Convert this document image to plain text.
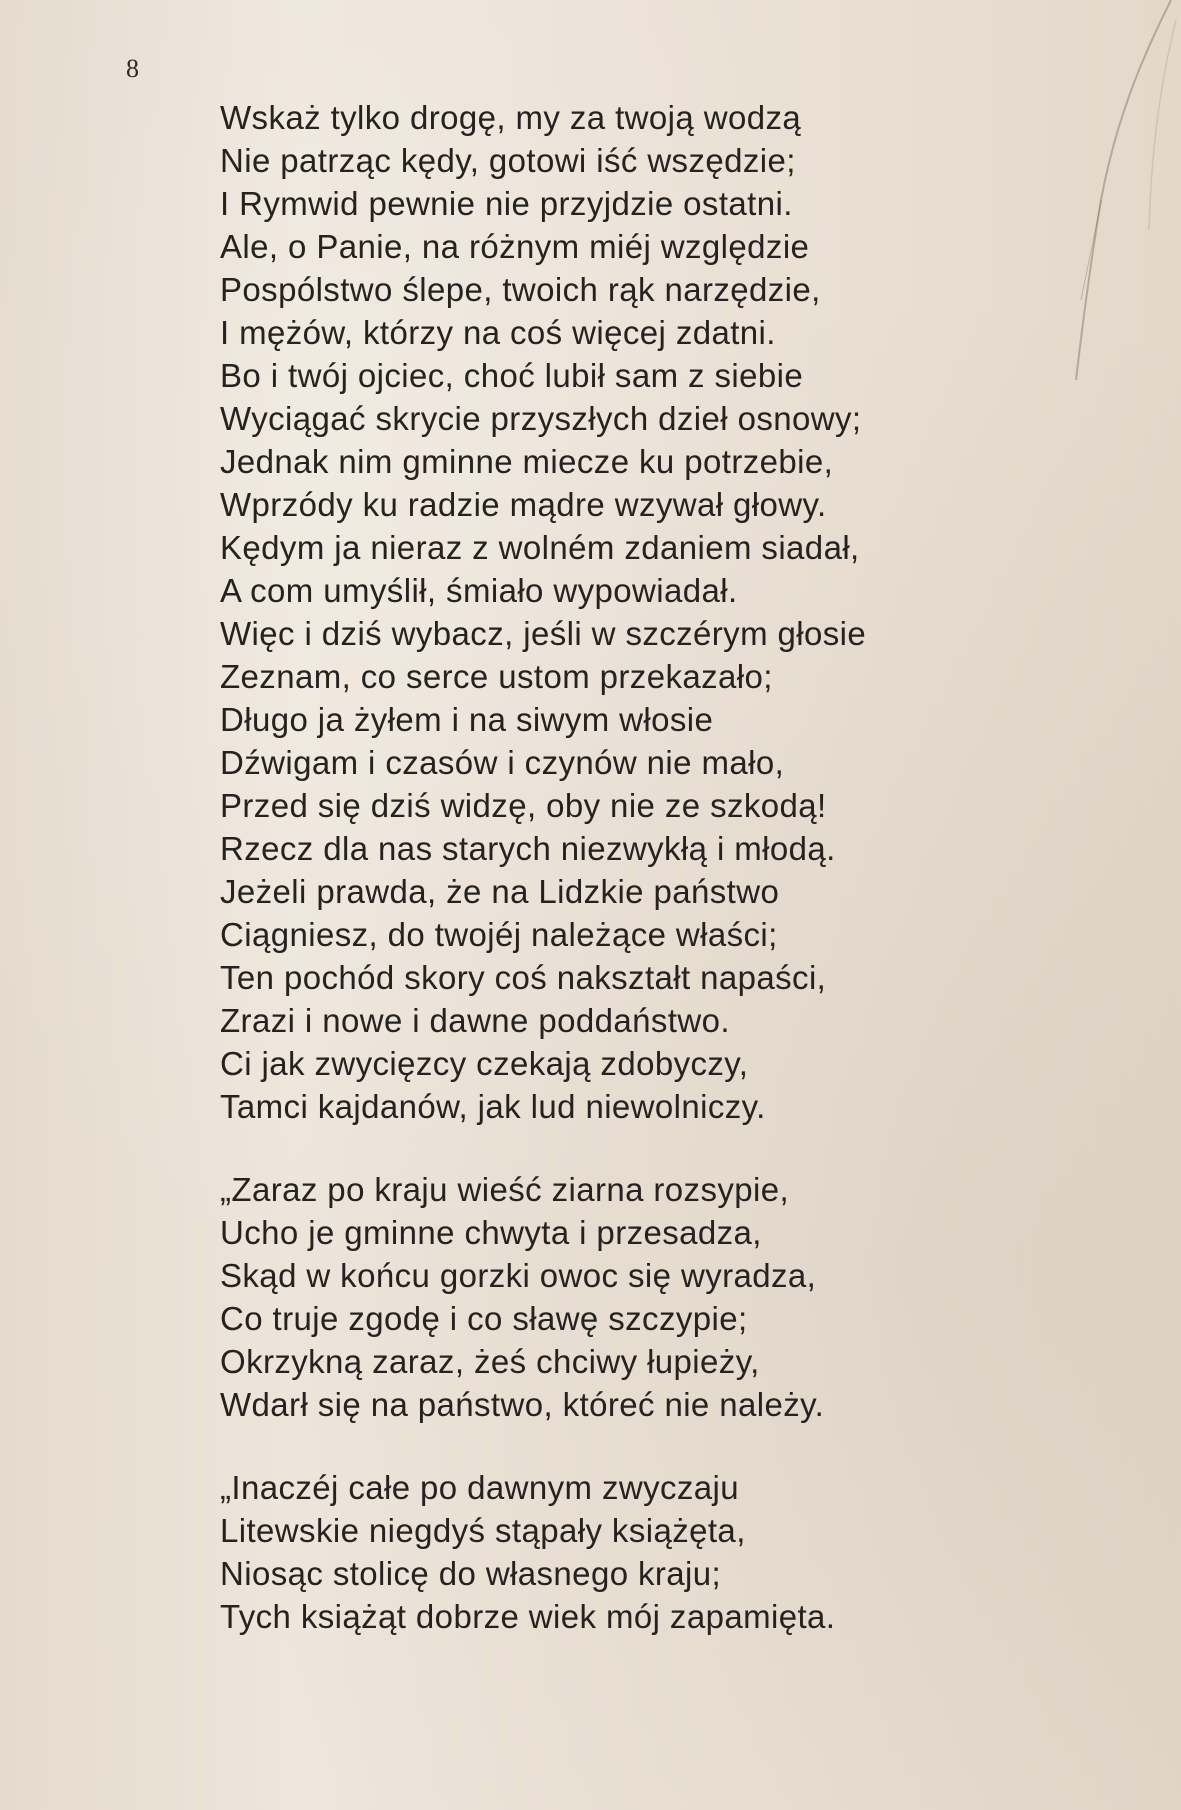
8
Wskaż tylko drogę, my za twoją wodzą
Nie patrząc kędy, gotowi iść wszędzie;
I Rymwid pewnie nie przyjdzie ostatni.
Ale, o Panie, na różnym miéj względzie
Pospólstwo ślepe, twoich rąk narzędzie,
I mężów, którzy na coś więcej zdatni.
Bo i twój ojciec, choć lubił sam z siebie
Wyciągać skrycie przyszłych dzieł osnowy;
Jednak nim gminne miecze ku potrzebie,
Wprzódy ku radzie mądre wzywał głowy.
Kędym ja nieraz z wolném zdaniem siadał,
A com umyślił, śmiało wypowiadał.
Więc i dziś wybacz, jeśli w szczérym głosie
Zeznam, co serce ustom przekazało;
Długo ja żyłem i na siwym włosie
Dźwigam i czasów i czynów nie mało,
Przed się dziś widzę, oby nie ze szkodą!
Rzecz dla nas starych niezwykłą i młodą.
Jeżeli prawda, że na Lidzkie państwo
Ciągniesz, do twojéj należące właści;
Ten pochód skory coś nakształt napaści,
Zrazi i nowe i dawne poddaństwo.
Ci jak zwycięzcy czekają zdobyczy,
Tamci kajdanów, jak lud niewolniczy.
„Zaraz po kraju wieść ziarna rozsypie,
Ucho je gminne chwyta i przesadza,
Skąd w końcu gorzki owoc się wyradza,
Co truje zgodę i co sławę szczypie;
Okrzykną zaraz, żeś chciwy łupieży,
Wdarł się na państwo, któreć nie należy.
„Inaczéj całe po dawnym zwyczaju
Litewskie niegdyś stąpały książęta,
Niosąc stolicę do własnego kraju;
Tych książąt dobrze wiek mój zapamięta.
